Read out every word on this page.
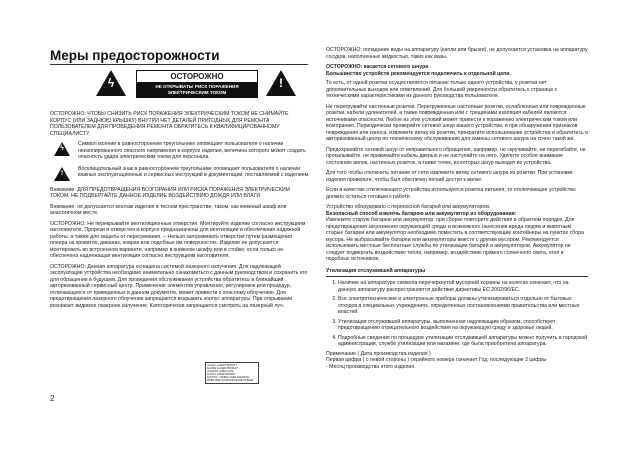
Меры предосторожности
ϟ	ОСТОРОЖНО
НЕ ОТКРЫВАТЬ! РИСК ПОРАЖЕНИЯ ЭЛЕКТРИЧЕСКИМ ТОКОМ
!

ОСТОРОЖНО: ЧТОБЫ СНИЗИТЬ РИСК ПОРАЖЕНИЯ ЭЛЕКТРИЧЕСКИМ ТОКОМ НЕ СНИМАЙТЕ КОРПУС (ИЛИ ЗАДНЮЮ КРЫШКУ) ВНУТРИ НЕТ ДЕТАЛЕЙ ПРИГОДНЫХ ДЛЯ РЕМОНТА ПОЛЬЗОВАТЕЛЕМ ДЛЯ ПРОВЕДЕНИЯ РЕМОНТА ОБРАТИТЕСЬ К КВАЛИФИЦИРОВАННОМУ СПЕЦИАЛИСТУ.

ϟ
Символ молнии в равностороннем треугольнике оповещает пользователя о наличии неизолированного опасного напряжения в корпусе изделия, величина которого может создать опасность удара электрическим током для персонала.
!
Восклицательный знак в равностороннем треугольнике оповещает пользователя о наличии важных эксплуатационных и сервисных инструкций в документации, поставляемой с изделием.

Внимание: ДЛЯ ПРЕДОТВРАЩЕНИЯ ВОЗГОРАНИЯ ИЛИ РИСКА ПОРАЖЕНИЯ ЭЛЕКТРИЧЕСКИМ ТОКОМ, НЕ ПОДВЕРГАЙТЕ ДАННОЕ ИЗДЕЛИЕ ВОЗДЕЙСТВИЮ ДОЖДЯ ИЛИ ВЛАГИ.

Внимание: не допускается монтаж изделия в тесном пространстве, таком, как книжный шкаф или аналогичном месте.

ОСТОРОЖНО: Не перекрывайте вентиляционные отверстия. Монтируйте изделие согласно инструкциям изготовителя. Прорези и отверстия в корпусе предназначены для вентиляции и обеспечения надежной работы, а также для защиты от перегревания. – Нельзя загораживать отверстия путем размещения плеера на кроватях, диванах, коврах или подобных им поверхностях. Изделие не допускается монтировать во встроенном варианте, например в книжном шкафу или в стойке, если только не обеспечена надлежащая вентиляция согласно инструкциям изготовителя.

ОСТОРОЖНО: Данная аппаратура оснащена системой лазерного излучения. Для надлежащей эксплуатации устройства необходимо внимательно ознакомиться с данным руководством и сохранить его для обращения в будущем. Для проведения обслуживания устройства обратитесь в ближайший авторизованный сервисный центр. Применение элементов управления, регулировок или процедур, отличающихся от приведенных в данном документе, может привести к опасному облучению. Для предотвращения лазерного облучения запрещается вскрывать корпус аппаратуры. При открывании возникает видимое лазерное излучение. Категорически запрещается смотреть на лазерный луч.

CLASS 1 LASER PRODUCT
KLASSE 1 LASER PRODUKT
LUOKAN 1 LASER LAITE
KLASS 1 LASER APPARAT
CAUTION - VISIBLE LASER RADIATION
WHEN OPEN AVOID EXPOSURE TO BEAM
2

ОСТОРОЖНО: попадание воды на аппаратуру (капли или брызги), не допускается установка на аппаратуру сосудов, наполненных жидкостью, таких как вазы.

ОСТОРОЖНО: касается сетевого шнура
Большинство устройств рекомендуется подключать к отдельной цепи.

То есть, от одной розетки осуществляется питание только одного устройства, у розетки нет дополнительных выходов или ответвлений. Для большей уверенности обратитесь к странице с техническими характеристиками из данного руководства пользователя.

Не перегружайте настенные розетки. Перегруженные настенные розетки, ослабленные или поврежденные розетки, кабели удлинителей, а также поврежденная или с трещинами изоляция кабелей являются источниками опасности. Любое из этих условий может привести к поражению электрическим током или возгоранию. Периодически проверяйте сетевой шнур вашего устройства, и при обнаружении признаков повреждения или износа, извлеките вилку из розетки, прекратите использование устройства и обратитесь в авторизованный центр по техническому обслуживанию для замены сетевого шнура на точно такой же.

Предохраняйте сетевой шнур от неправильного обращения, например, не скручивайте, не перегибайте, не прокалывайте, не прижимайте кабель дверью и не наступайте на него. Уделите особое внимание состоянию вилок, настенных розеток, а также точек, из которых шнур выходит из устройства.

Для того чтобы отключить питание от сети извлеките вилку сетевого шнура из розетки. При установке изделия проверьте, чтобы был обеспечен легкий доступ к вилке.

Если в качестве отключающего устройства используется розетка питания, то отключающее устройство должно остаться готовым к работе.

Устройство оборудовано с переносной батарей или аккумулятором.
Безопасный способ извлечь батарею или аккумулятор из оборудования:

Извлеките старую батарею или аккумулятор, при сборке повторите действия в обратном порядке. Для предотвращения загрязнения окружающей среды и возможного нанесения вреда людям и животным старые батареи или аккумулятор необходимо поместить в соответствующие контейнеры на пунктах сбора мусора. Не выбрасывайте батареи или аккумуляторы вместе с другим мусором. Рекомендуется использовать местные бесплатные службы по утилизации батарей и аккумуляторов. Аккумулятор не следует подвергать воздействию тепла, например, воздействию прямого солнечного света, огня и подобных источников.

Утилизация отслужившей аппаратуры
1. Наличие на аппаратуре символа перечеркнутой мусорной корзины на колесах означает, что на данную аппаратуру распространяется действие директивы ЕС 2002/96/EC.
2. Все электротехнические и электронные приборы должны утилизироваться отдельно от бытовых отходов в специальных учреждениях, определенных постановлениями правительства или местных властей.
3. Утилизация отслужившей аппаратуры, выполненная надлежащим образом, способствует предотвращению отрицательного воздействия на окружающую среду и здоровье людей.
4. Подробные сведения по процедуре утилизации отслужившей аппаратуры можно получить в городской администрации, службе утилизации или магазине, где была приобретена аппаратура.
Примечание ( Дата производства изделия )
Первая цифра ( с левой стороны ) серийного номера означает Год, последующие 2 цифры
- Месяц производства этого изделия.
